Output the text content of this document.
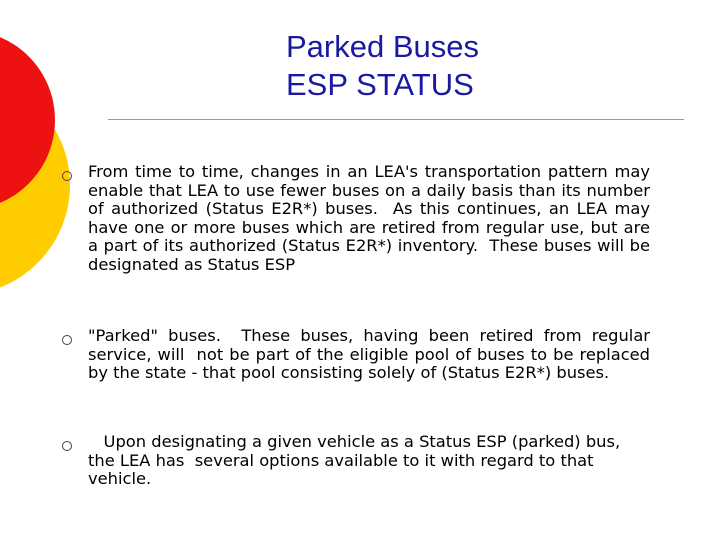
Parked Buses
ESP STATUS
From time to time, changes in an LEA's transportation pattern may enable that LEA to use fewer buses on a daily basis than its number of authorized (Status E2R*) buses.  As this continues, an LEA may  have one or more buses which are retired from regular use, but are a part of its authorized (Status E2R*) inventory.  These buses will be designated as Status ESP
"Parked" buses.  These buses, having been retired from regular service, will  not be part of the eligible pool of buses to be replaced by the state - that pool consisting solely of (Status E2R*) buses.
Upon designating a given vehicle as a Status ESP (parked) bus, the LEA has  several options available to it with regard to that vehicle.
